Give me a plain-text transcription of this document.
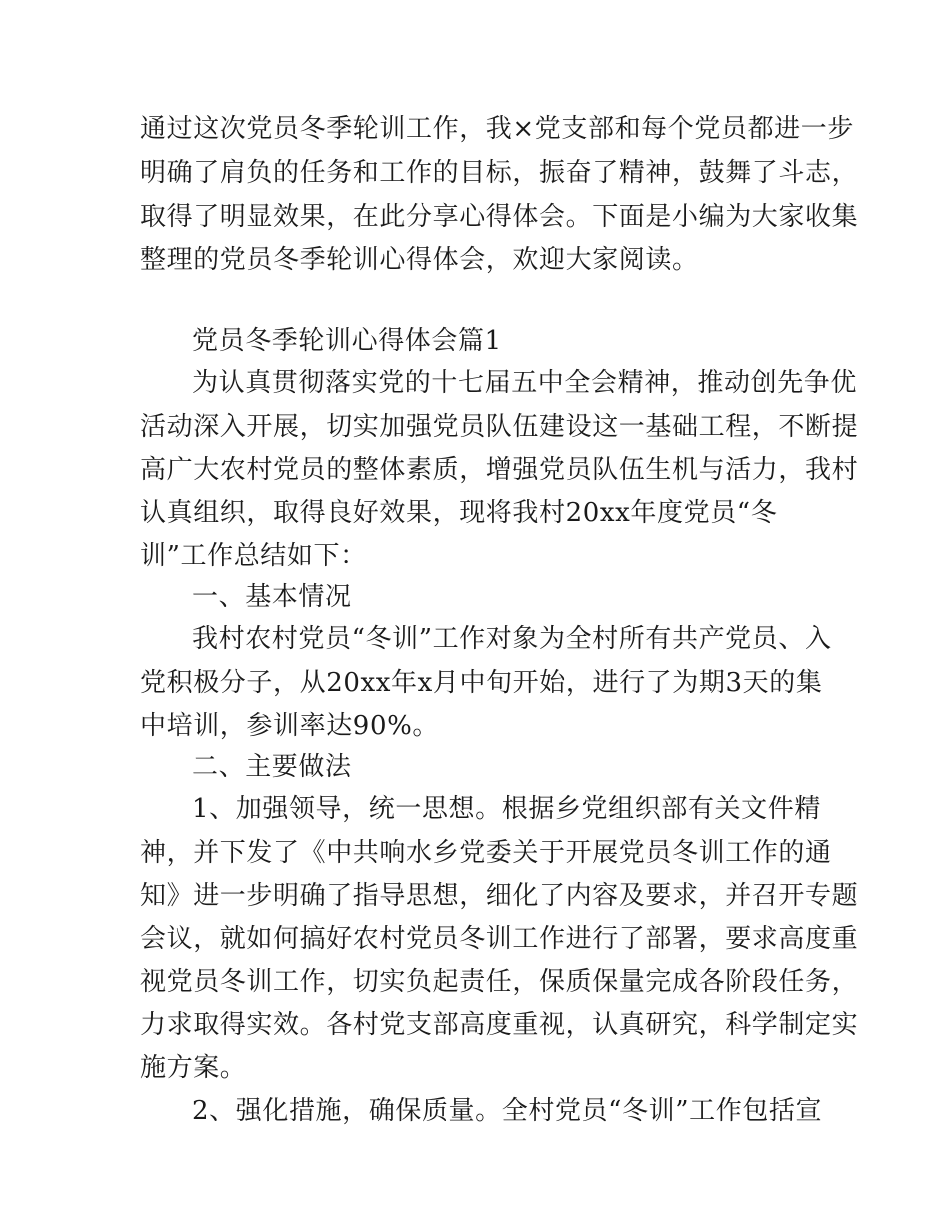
通过这次党员冬季轮训工作，我×党支部和每个党员都进一步
明确了肩负的任务和工作的目标，振奋了精神，鼓舞了斗志，
取得了明显效果，在此分享心得体会。下面是小编为大家收集
整理的党员冬季轮训心得体会，欢迎大家阅读。
党员冬季轮训心得体会篇1
为认真贯彻落实党的十七届五中全会精神，推动创先争优
活动深入开展，切实加强党员队伍建设这一基础工程，不断提
高广大农村党员的整体素质，增强党员队伍生机与活力，我村
认真组织，取得良好效果，现将我村20xx年度党员“冬
训”工作总结如下：
一、基本情况
我村农村党员“冬训”工作对象为全村所有共产党员、入
党积极分子，从20xx年x月中旬开始，进行了为期3天的集
中培训，参训率达90%。
二、主要做法
1、加强领导，统一思想。根据乡党组织部有关文件精
神，并下发了《中共响水乡党委关于开展党员冬训工作的通
知》进一步明确了指导思想，细化了内容及要求，并召开专题
会议，就如何搞好农村党员冬训工作进行了部署，要求高度重
视党员冬训工作，切实负起责任，保质保量完成各阶段任务，
力求取得实效。各村党支部高度重视，认真研究，科学制定实
施方案。
2、强化措施，确保质量。全村党员“冬训”工作包括宣
